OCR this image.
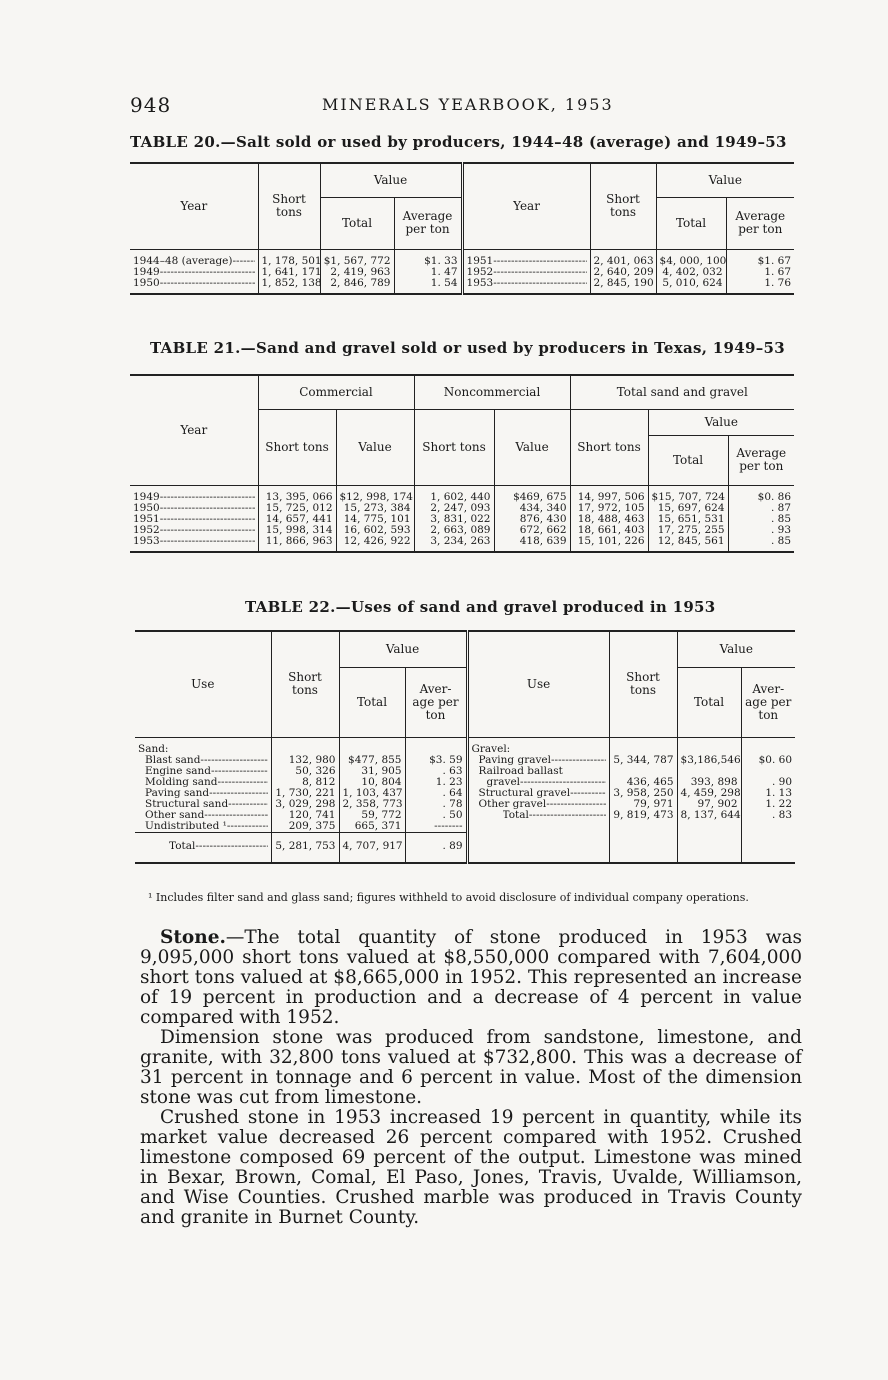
948	MINERALS YEARBOOK, 1953
TABLE 20.—Salt sold or used by producers, 1944–48 (average) and 1949–53
Year	Short tons	Value		Year	Short tons	Value	
		Total	Average per ton			Total	Average per ton

1944–48 (average) -----	1, 178, 501	$1, 567, 772	$1. 33	1951 -----	2, 401, 063	$4, 000, 100	$1. 67

1949 -----	1, 641, 171	2, 419, 963	1. 47	1952 -----	2, 640, 209	4, 402, 032	1. 67

1950 -----	1, 852, 138	2, 846, 789	1. 54	1953 -----	2, 845, 190	5, 010, 624	1. 76
TABLE 21.—Sand and gravel sold or used by producers in Texas, 1949–53
Year	Commercial		Noncommercial		Total sand and gravel		
	Short tons	Value	Short tons	Value	Short tons	Value	
						Total	Average per ton

1949 -----	13, 395, 066	$12, 998, 174	1, 602, 440	$469, 675	14, 997, 506	$15, 707, 724	$0. 86

1950 -----	15, 725, 012	15, 273, 384	2, 247, 093	434, 340	17, 972, 105	15, 697, 624	. 87

1951 -----	14, 657, 441	14, 775, 101	3, 831, 022	876, 430	18, 488, 463	15, 651, 531	. 85

1952 -----	15, 998, 314	16, 602, 593	2, 663, 089	672, 662	18, 661, 403	17, 275, 255	. 93

1953 -----	11, 866, 963	12, 426, 922	3, 234, 263	418, 639	15, 101, 226	12, 845, 561	. 85
TABLE 22.—Uses of sand and gravel produced in 1953
Use	Short tons	Value		Use	Short tons	Value	
		Total	Aver- age per ton			Total	Aver- age per ton
Sand:				Gravel:			

Blast sand -----	132, 980	$477, 855	$3. 59	Paving gravel -----	5, 344, 787	$3,186,546	$0. 60

Engine sand -----	50, 326	31, 905	. 63	Railroad ballast			

Molding sand -----	8, 812	10, 804	1. 23	gravel -----	436, 465	393, 898	. 90

Paving sand -----	1, 730, 221	1, 103, 437	. 64	Structural gravel -----	3, 958, 250	4, 459, 298	1. 13

Structural sand -----	3, 029, 298	2, 358, 773	. 78	Other gravel -----	79, 971	97, 902	1. 22

Other sand -----	120, 741	59, 772	. 50	Total -----	9, 819, 473	8, 137, 644	. 83

Undistributed ¹ -----	209, 375	665, 371	--------				

Total -----	5, 281, 753	4, 707, 917	. 89				
¹ Includes filter sand and glass sand; figures withheld to avoid disclosure of individual company operations.

Stone.—The total quantity of stone produced in 1953 was 9,095,000 short tons valued at $8,550,000 compared with 7,604,000 short tons valued at $8,665,000 in 1952. This represented an increase of 19 percent in production and a decrease of 4 percent in value compared with 1952.

Dimension stone was produced from sandstone, limestone, and granite, with 32,800 tons valued at $732,800. This was a decrease of 31 percent in tonnage and 6 percent in value. Most of the dimension stone was cut from limestone.

Crushed stone in 1953 increased 19 percent in quantity, while its market value decreased 26 percent compared with 1952. Crushed limestone composed 69 percent of the output. Limestone was mined in Bexar, Brown, Comal, El Paso, Jones, Travis, Uvalde, Williamson, and Wise Counties. Crushed marble was produced in Travis County and granite in Burnet County.
